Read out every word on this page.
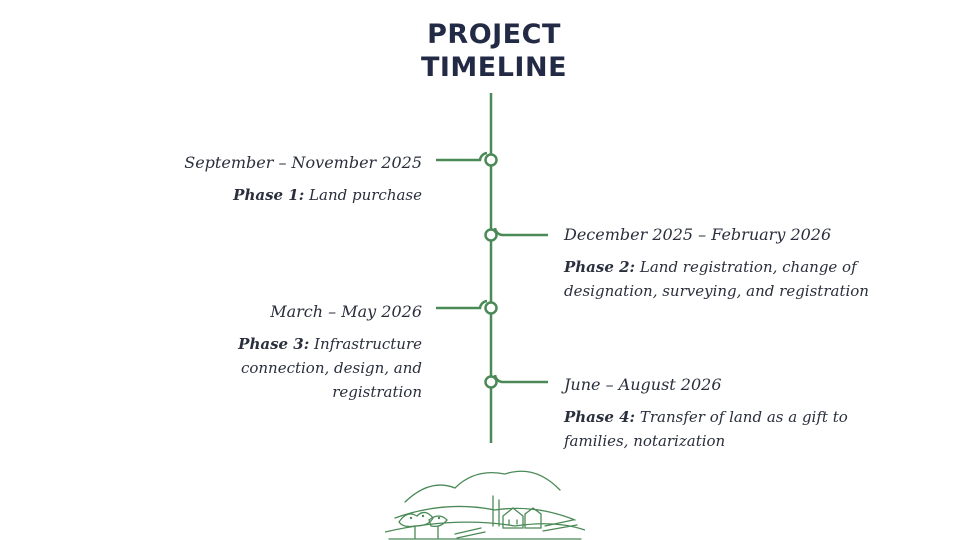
PROJECT
TIMELINE
September – November 2025
Phase 1: Land purchase
December 2025 – February 2026
Phase 2: Land registration, change of designation, surveying, and registration
March – May 2026
Phase 3: Infrastructure connection, design, and registration	June – August 2026
Phase 4: Transfer of land as a gift to families, notarization
